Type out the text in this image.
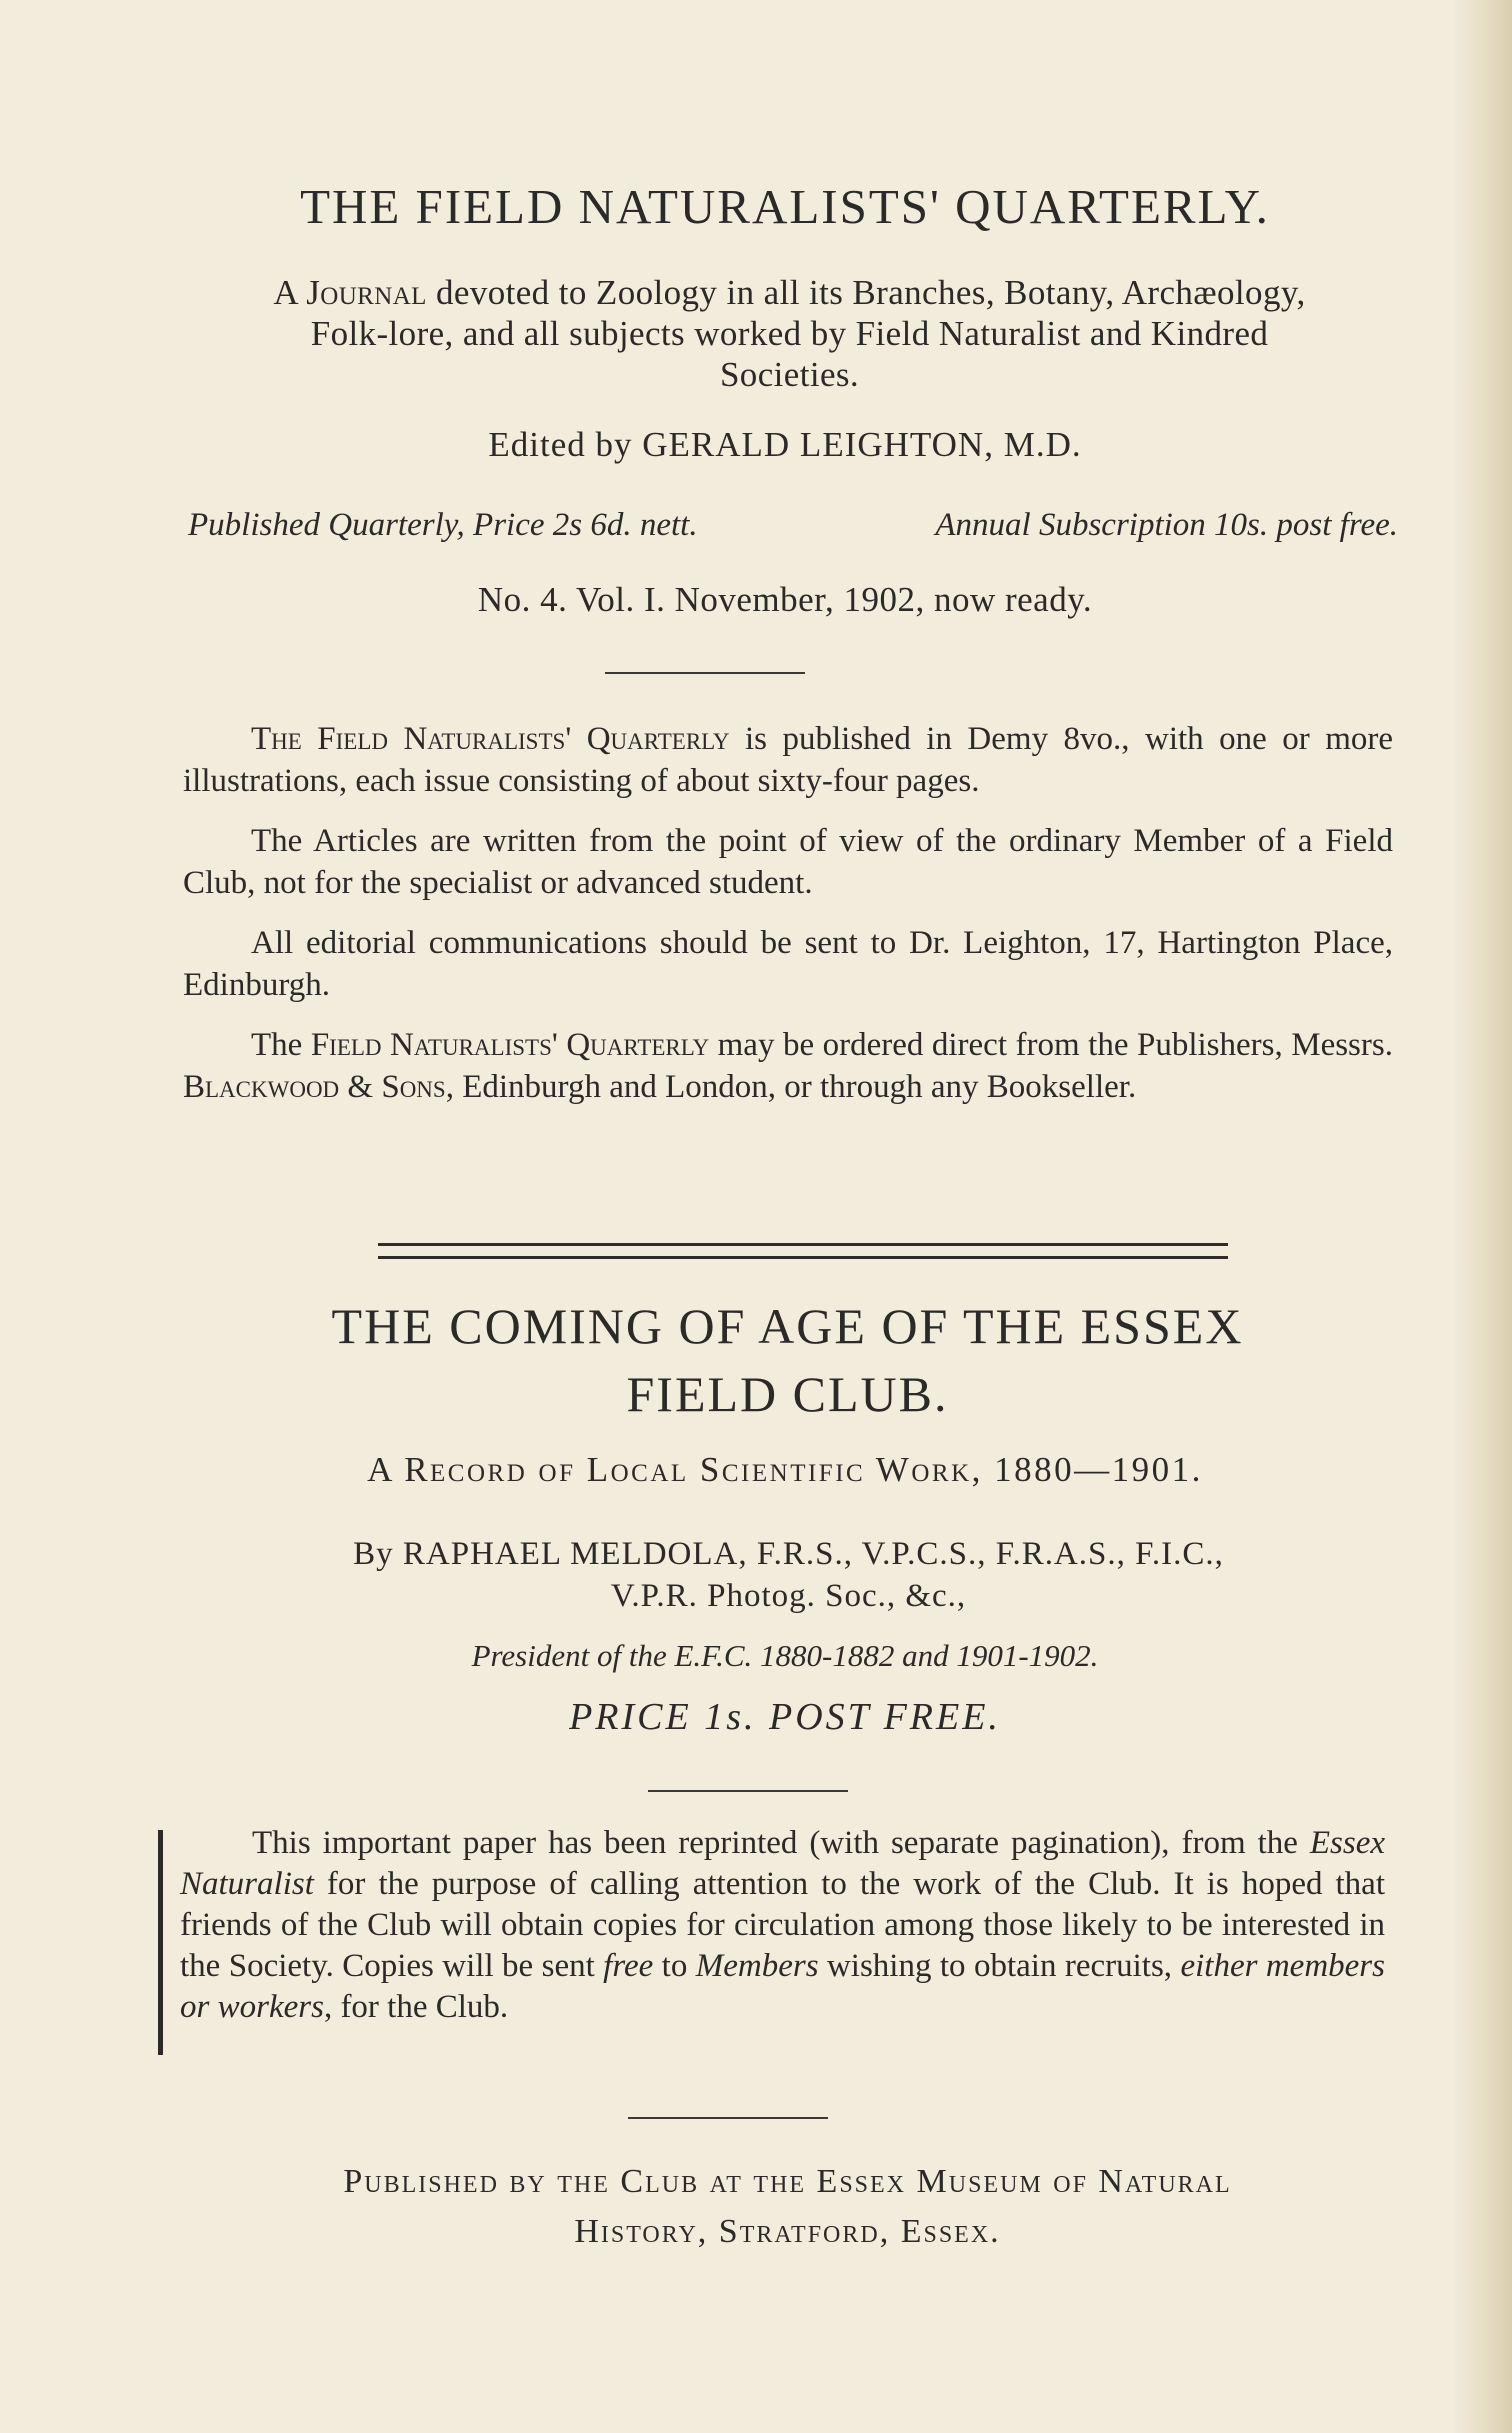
THE FIELD NATURALISTS' QUARTERLY.

A Journal devoted to Zoology in all its Branches, Botany, Archæology, Folk-lore, and all subjects worked by Field Naturalist and Kindred Societies.

Edited by GERALD LEIGHTON, M.D.
Published Quarterly, Price 2s 6d. nett.	Annual Subscription 10s. post free.
No. 4. Vol. I. November, 1902, now ready.

The Field Naturalists' Quarterly is published in Demy 8vo., with one or more illustrations, each issue consisting of about sixty-four pages.

The Articles are written from the point of view of the ordinary Member of a Field Club, not for the specialist or advanced student.

All editorial communications should be sent to Dr. Leighton, 17, Hartington Place, Edinburgh.

The Field Naturalists' Quarterly may be ordered direct from the Publishers, Messrs. Blackwood & Sons, Edinburgh and London, or through any Bookseller.

THE COMING OF AGE OF THE ESSEX
FIELD CLUB.
A Record of Local Scientific Work, 1880—1901.
By RAPHAEL MELDOLA, F.R.S., V.P.C.S., F.R.A.S., F.I.C.,
V.P.R. Photog. Soc., &c.,
President of the E.F.C. 1880-1882 and 1901-1902.
PRICE 1s. POST FREE.

This important paper has been reprinted (with separate pagination), from the Essex Naturalist for the purpose of calling attention to the work of the Club. It is hoped that friends of the Club will obtain copies for circulation among those likely to be interested in the Society. Copies will be sent free to Members wishing to obtain recruits, either members or workers, for the Club.

Published by the Club at the Essex Museum of Natural
History, Stratford, Essex.
